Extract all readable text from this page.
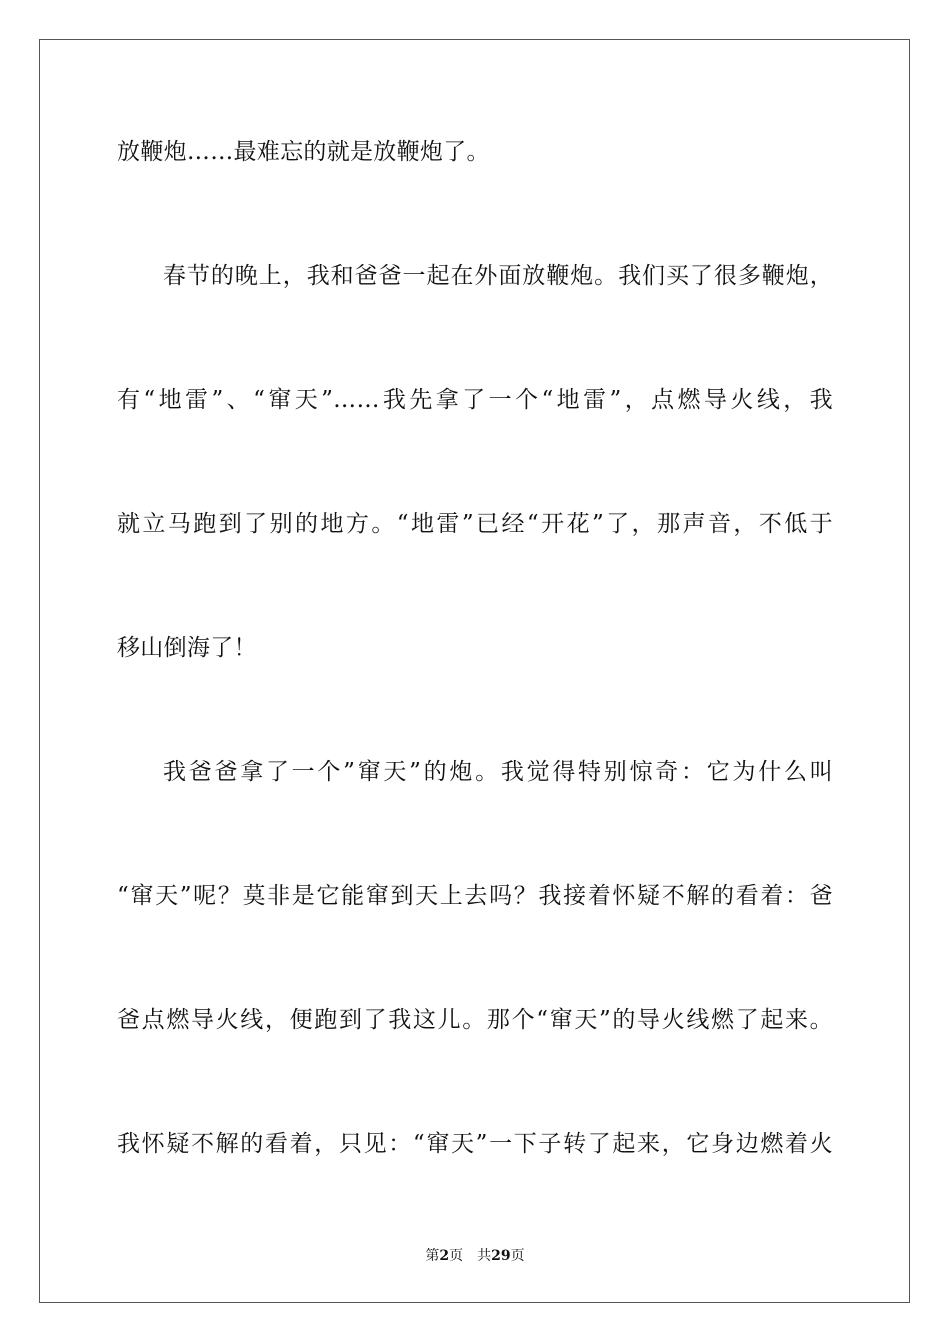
放鞭炮……最难忘的就是放鞭炮了。
春节的晚上，我和爸爸一起在外面放鞭炮。我们买了很多鞭炮，
有“地雷”、“窜天”……我先拿了一个“地雷”，点燃导火线，我
就立马跑到了别的地方。“地雷”已经“开花”了，那声音，不低于
移山倒海了！
我爸爸拿了一个”窜天”的炮。我觉得特别惊奇：它为什么叫
“窜天”呢？莫非是它能窜到天上去吗？我接着怀疑不解的看着：爸
爸点燃导火线，便跑到了我这儿。那个“窜天”的导火线燃了起来。
我怀疑不解的看着，只见：“窜天”一下子转了起来，它身边燃着火
第2页 共29页
